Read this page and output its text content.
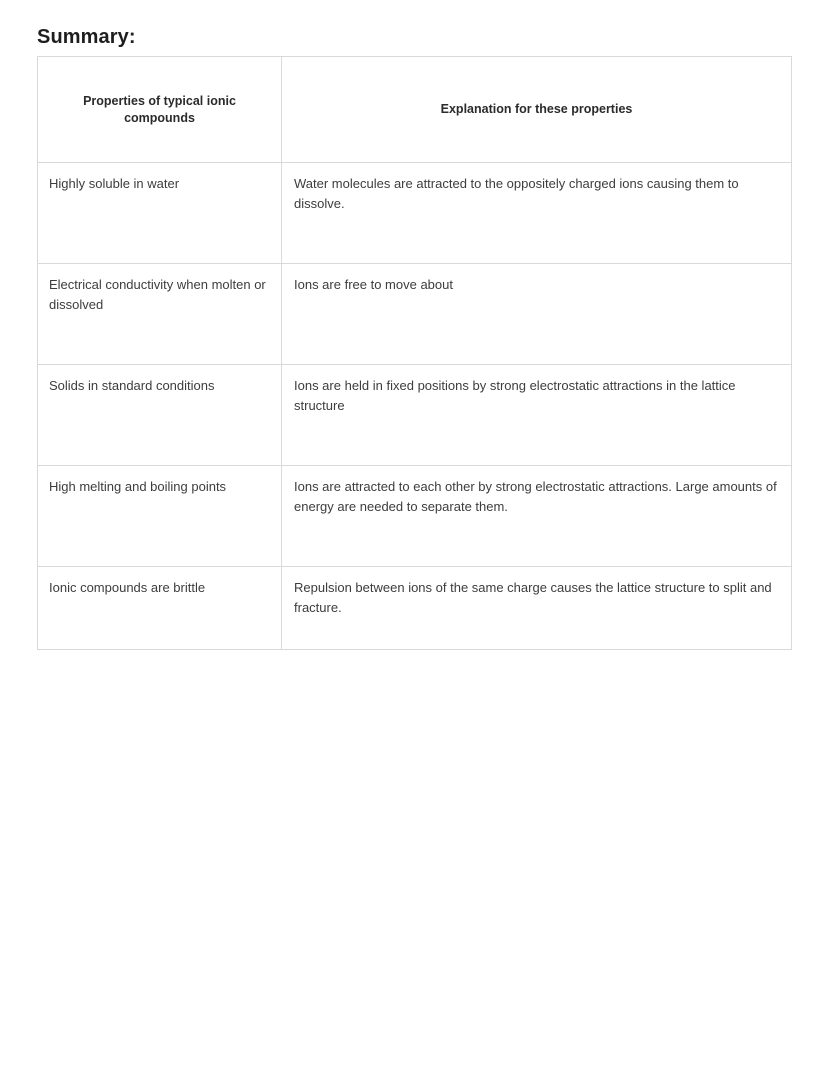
Summary:
Properties of typical ionic compounds	Explanation for these properties
Highly soluble in water	Water molecules are attracted to the oppositely charged ions causing them to dissolve.
Electrical conductivity when molten or dissolved	Ions are free to move about
Solids in standard conditions	Ions are held in fixed positions by strong electrostatic attractions in the lattice structure
High melting and boiling points	Ions are attracted to each other by strong electrostatic attractions. Large amounts of energy are needed to separate them.
Ionic compounds are brittle	Repulsion between ions of the same charge causes the lattice structure to split and fracture.
